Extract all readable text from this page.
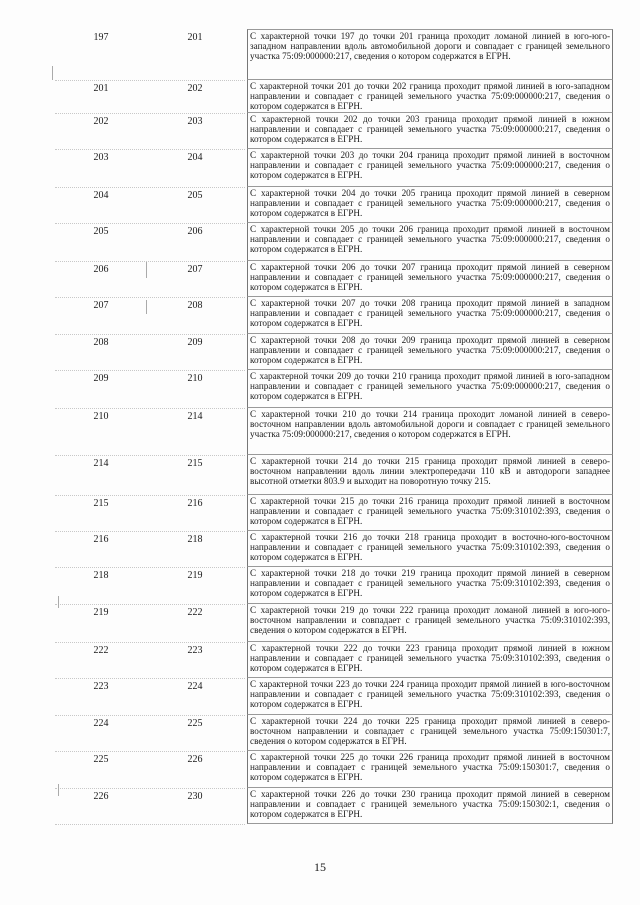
197	201	С характерной точки 197 до точки 201 граница проходит ломаной линией в юго-юго-западном направлении вдоль автомобильной дороги и совпадает с границей земельного участка 75:09:000000:217, сведения о котором содержатся в ЕГРН.
201	202	С характерной точки 201 до точки 202 граница проходит прямой линией в юго-западном направлении и совпадает с границей земельного участка 75:09:000000:217, сведения о котором содержатся в ЕГРН.
202	203	С характерной точки 202 до точки 203 граница проходит прямой линией в южном направлении и совпадает с границей земельного участка 75:09:000000:217, сведения о котором содержатся в ЕГРН.
203	204	С характерной точки 203 до точки 204 граница проходит прямой линией в восточном направлении и совпадает с границей земельного участка 75:09:000000:217, сведения о котором содержатся в ЕГРН.
204	205	С характерной точки 204 до точки 205 граница проходит прямой линией в северном направлении и совпадает с границей земельного участка 75:09:000000:217, сведения о котором содержатся в ЕГРН.
205	206	С характерной точки 205 до точки 206 граница проходит прямой линией в восточном направлении и совпадает с границей земельного участка 75:09:000000:217, сведения о котором содержатся в ЕГРН.
206	207	С характерной точки 206 до точки 207 граница проходит прямой линией в северном направлении и совпадает с границей земельного участка 75:09:000000:217, сведения о котором содержатся в ЕГРН.
207	208	С характерной точки 207 до точки 208 граница проходит прямой линией в западном направлении и совпадает с границей земельного участка 75:09:000000:217, сведения о котором содержатся в ЕГРН.
208	209	С характерной точки 208 до точки 209 граница проходит прямой линией в северном направлении и совпадает с границей земельного участка 75:09:000000:217, сведения о котором содержатся в ЕГРН.
209	210	С характерной точки 209 до точки 210 граница проходит прямой линией в юго-западном направлении и совпадает с границей земельного участка 75:09:000000:217, сведения о котором содержатся в ЕГРН.
210	214	С характерной точки 210 до точки 214 граница проходит ломаной линией в северо-восточном направлении вдоль автомобильной дороги и совпадает с границей земельного участка 75:09:000000:217, сведения о котором содержатся в ЕГРН.
214	215	С характерной точки 214 до точки 215 граница проходит прямой линией в северо-восточном направлении вдоль линии электропередачи 110 кВ и автодороги западнее высотной отметки 803.9 и выходит на поворотную точку 215.
215	216	С характерной точки 215 до точки 216 граница проходит прямой линией в восточном направлении и совпадает с границей земельного участка 75:09:310102:393, сведения о котором содержатся в ЕГРН.
216	218	С характерной точки 216 до точки 218 граница проходит в восточно-юго-восточном направлении и совпадает с границей земельного участка 75:09:310102:393, сведения о котором содержатся в ЕГРН.
218	219	С характерной точки 218 до точки 219 граница проходит прямой линией в северном направлении и совпадает с границей земельного участка 75:09:310102:393, сведения о котором содержатся в ЕГРН.
219	222	С характерной точки 219 до точки 222 граница проходит ломаной линией в юго-юго-восточном направлении и совпадает с границей земельного участка 75:09:310102:393, сведения о котором содержатся в ЕГРН.
222	223	С характерной точки 222 до точки 223 граница проходит прямой линией в южном направлении и совпадает с границей земельного участка 75:09:310102:393, сведения о котором содержатся в ЕГРН.
223	224	С характерной точки 223 до точки 224 граница проходит прямой линией в юго-восточном направлении и совпадает с границей земельного участка 75:09:310102:393, сведения о котором содержатся в ЕГРН.
224	225	С характерной точки 224 до точки 225 граница проходит прямой линией в северо-восточном направлении и совпадает с границей земельного участка 75:09:150301:7, сведения о котором содержатся в ЕГРН.
225	226	С характерной точки 225 до точки 226 граница проходит прямой линией в восточном направлении и совпадает с границей земельного участка 75:09:150301:7, сведения о котором содержатся в ЕГРН.
226	230	С характерной точки 226 до точки 230 граница проходит прямой линией в северном направлении и совпадает с границей земельного участка 75:09:150302:1, сведения о котором содержатся в ЕГРН.
15
